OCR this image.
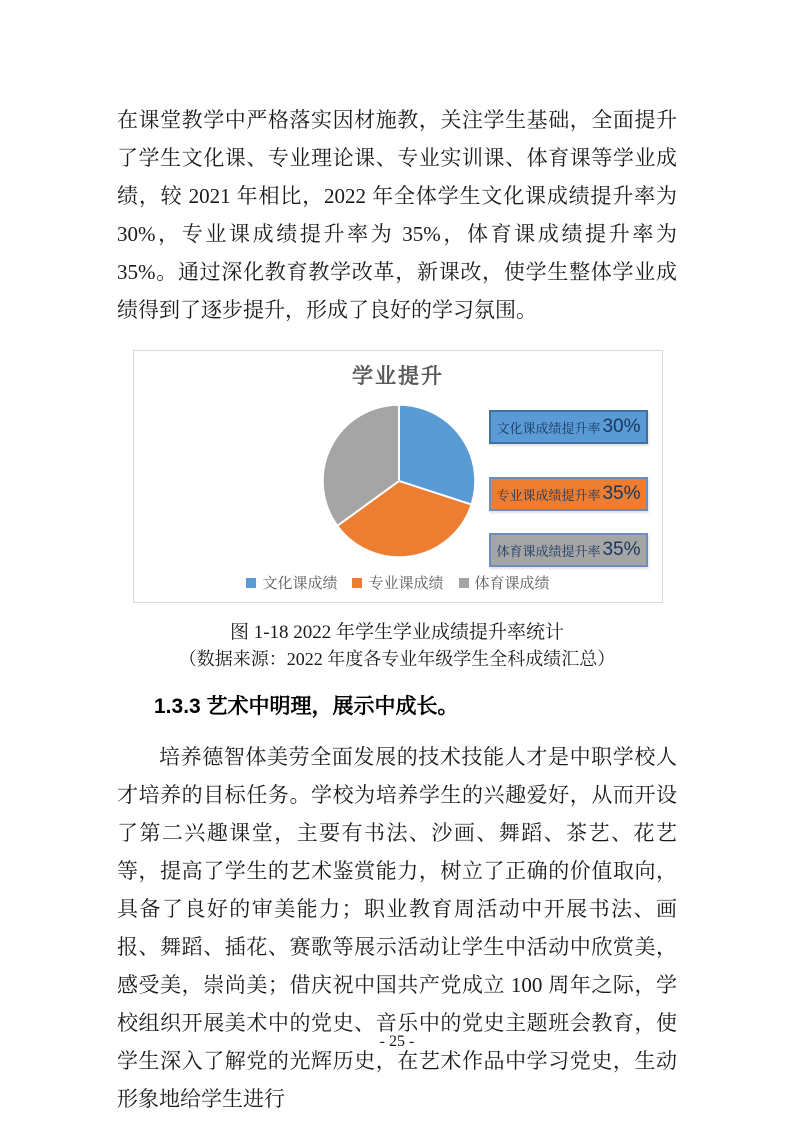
在课堂教学中严格落实因材施教，关注学生基础，全面提升了学生文化课、专业理论课、专业实训课、体育课等学业成绩，较 2021 年相比，2022 年全体学生文化课成绩提升率为 30%，专业课成绩提升率为 35%，体育课成绩提升率为 35%。通过深化教育教学改革，新课改，使学生整体学业成绩得到了逐步提升，形成了良好的学习氛围。

学业提升
文化课成绩提升率 30%
专业课成绩提升率 35%
体育课成绩提升率 35%
文化课成绩 专业课成绩 体育课成绩
图 1-18 2022 年学生学业成绩提升率统计
（数据来源：2022 年度各专业年级学生全科成绩汇总）
1.3.3 艺术中明理，展示中成长。

培养德智体美劳全面发展的技术技能人才是中职学校人才培养的目标任务。学校为培养学生的兴趣爱好，从而开设了第二兴趣课堂，主要有书法、沙画、舞蹈、茶艺、花艺等，提高了学生的艺术鉴赏能力，树立了正确的价值取向，具备了良好的审美能力；职业教育周活动中开展书法、画报、舞蹈、插花、赛歌等展示活动让学生中活动中欣赏美，感受美，崇尚美；借庆祝中国共产党成立 100 周年之际，学校组织开展美术中的党史、音乐中的党史主题班会教育，使学生深入了解党的光辉历史，在艺术作品中学习党史，生动形象地给学生进行

- 25 -
